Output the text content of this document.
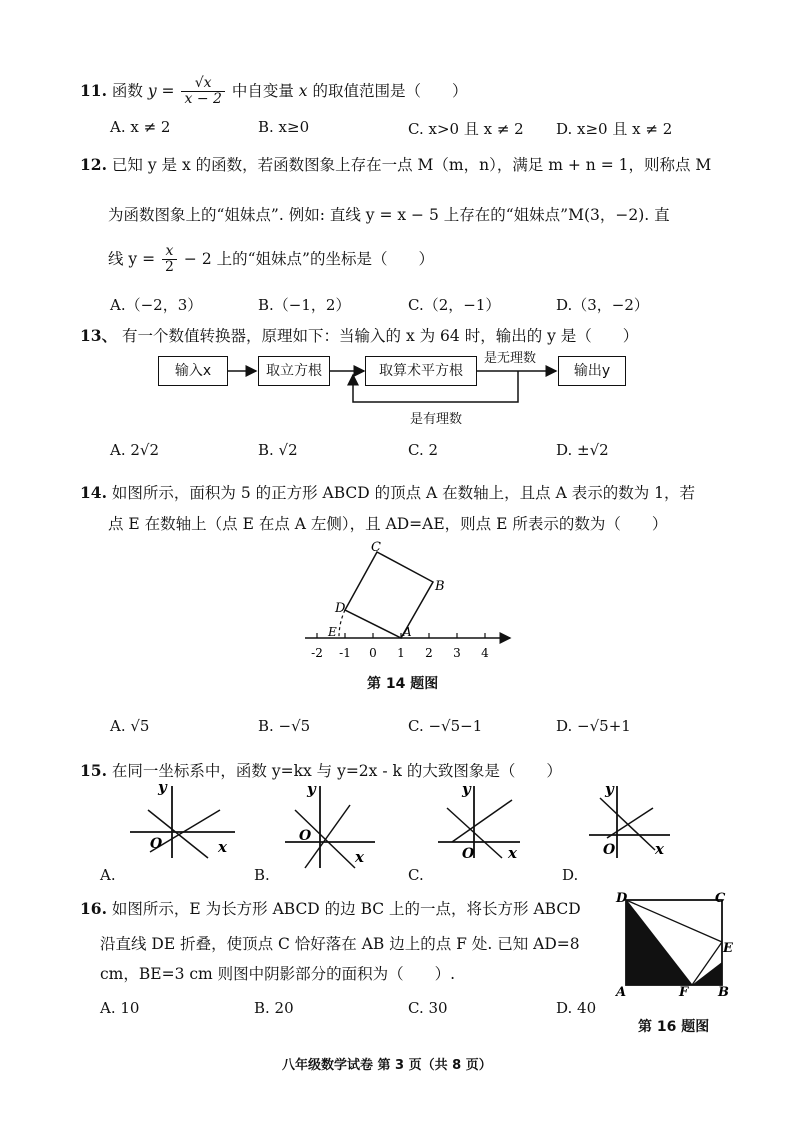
11. 函数 $y = \frac{√x}{x - 2}$ 中自变量 x 的取值范围是（　　）
A. x ≠ 2	B. x≥0	C. x>0 且 x ≠ 2 D. x≥0 且 x ≠ 2
12. 已知 y 是 x 的函数，若函数图象上存在一点 M（m，n），满足 m + n = 1，则称点 M
为函数图象上的“姐妹点”. 例如: 直线 y = x − 5 上存在的“姐妹点”M(3，−2). 直
线 $y = \frac{x}{2} - 2$ 上的“姐妹点”的坐标是（　　）
A.（−2，3）	B.（−1，2）	C.（2，−1）	D.（3，−2）
13、 有一个数值转换器，原理如下：当输入的 x 为 64 时，输出的 y 是（　　）
输入x	取立方根	取算术平方根	输出y
是无理数
是有理数
A. 2√2	B. √2	C. 2	D. ±√2
14. 如图所示，面积为 5 的正方形 ABCD 的顶点 A 在数轴上，且点 A 表示的数为 1，若
点 E 在数轴上（点 E 在点 A 左侧），且 AD=AE，则点 E 所表示的数为（　　）
C
B
D
E	A
-2 -1 0 1 2 3 4
第 14 题图
A. √5	B. −√5	C. −√5−1	D. −√5+1
15. 在同一坐标系中，函数 y=kx 与 y=2x - k 的大致图象是（　　）
y
x
O
y
x
O
y
x
O
y
x
O
A.	B.	C.	D.
16. 如图所示，E 为长方形 ABCD 的边 BC 上的一点，将长方形 ABCD
沿直线 DE 折叠，使顶点 C 恰好落在 AB 边上的点 F 处. 已知 AD=8
cm，BE=3 cm 则图中阴影部分的面积为（　　）.
A. 10	B. 20	C. 30	D. 40
D	C
E
A	F B
第 16 题图
八年级数学试卷 第 3 页（共 8 页）
